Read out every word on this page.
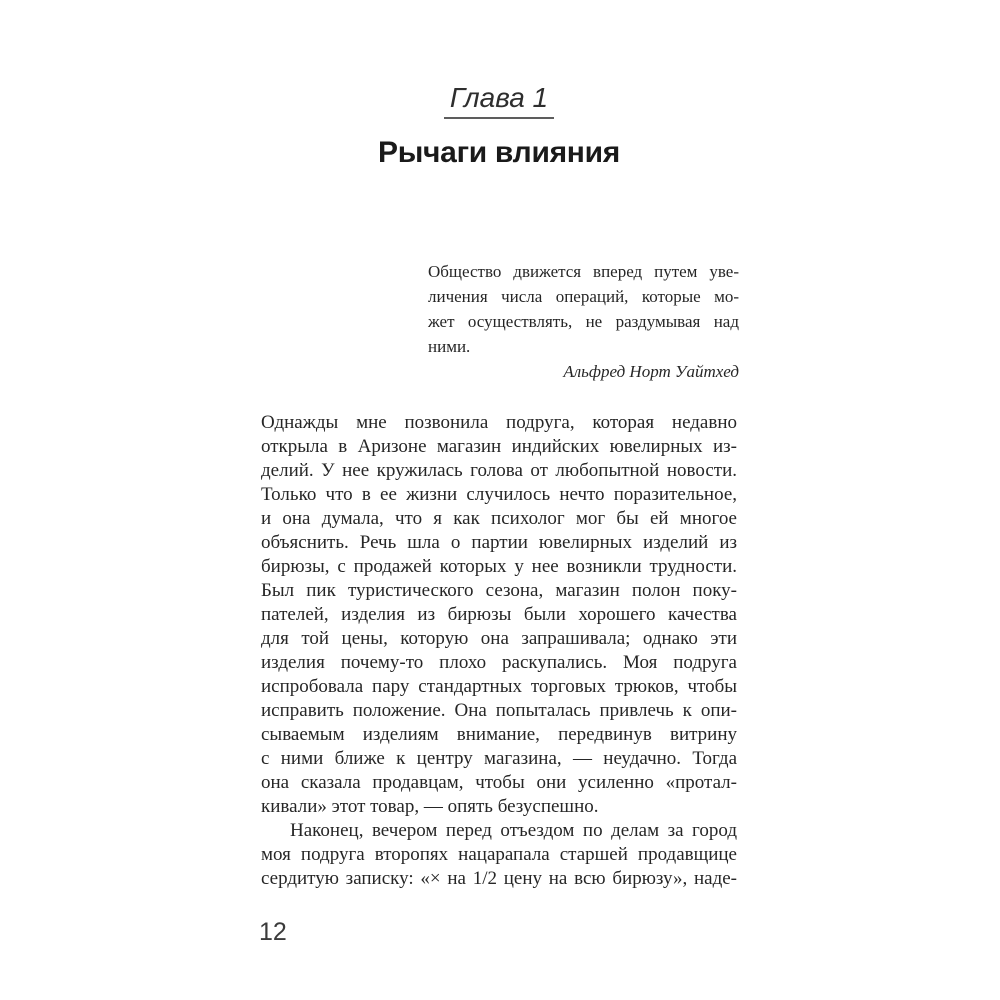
Глава 1
Рычаги влияния
Общество движется вперед путем уве-
личения числа операций, которые мо-
жет осуществлять, не раздумывая над
ними.
Альфред Норт Уайтхед
Однажды мне позвонила подруга, которая недавно
открыла в Аризоне магазин индийских ювелирных из-
делий. У нее кружилась голова от любопытной новости.
Только что в ее жизни случилось нечто поразительное,
и она думала, что я как психолог мог бы ей многое
объяснить. Речь шла о партии ювелирных изделий из
бирюзы, с продажей которых у нее возникли трудности.
Был пик туристического сезона, магазин полон поку-
пателей, изделия из бирюзы были хорошего качества
для той цены, которую она запрашивала; однако эти
изделия почему-то плохо раскупались. Моя подруга
испробовала пару стандартных торговых трюков, чтобы
исправить положение. Она попыталась привлечь к опи-
сываемым изделиям внимание, передвинув витрину
с ними ближе к центру магазина, — неудачно. Тогда
она сказала продавцам, чтобы они усиленно «протал-
кивали» этот товар, — опять безуспешно.
Наконец, вечером перед отъездом по делам за город
моя подруга второпях нацарапала старшей продавщице
сердитую записку: «× на 1/2 цену на всю бирюзу», наде-
12
